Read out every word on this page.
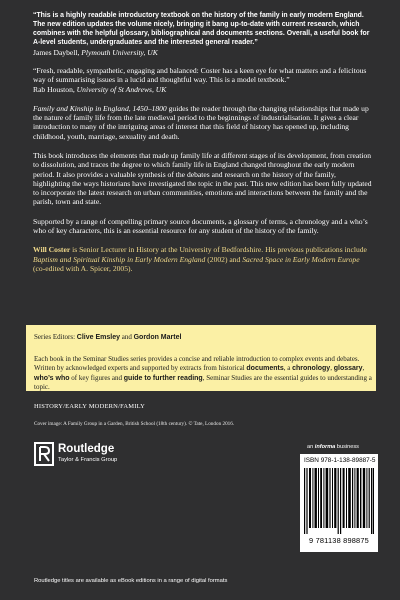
“This is a highly readable introductory textbook on the history of the family in early modern England. The new edition updates the volume nicely, bringing it bang up-to-date with current research, which combines with the helpful glossary, bibliographical and documents sections. Overall, a useful book for A-level students, undergraduates and the interested general reader.”

James Daybell, Plymouth University, UK

“Fresh, readable, sympathetic, engaging and balanced: Coster has a keen eye for what matters and a felicitous way of summarising issues in a lucid and thoughtful way. This is a model textbook.”

Rab Houston, University of St Andrews, UK

Family and Kinship in England, 1450–1800 guides the reader through the changing relationships that made up the nature of family life from the late medieval period to the beginnings of industrialisation. It gives a clear introduction to many of the intriguing areas of interest that this field of history has opened up, including childhood, youth, marriage, sexuality and death.

This book introduces the elements that made up family life at different stages of its development, from creation to dissolution, and traces the degree to which family life in England changed throughout the early modern period. It also provides a valuable synthesis of the debates and research on the history of the family, highlighting the ways historians have investigated the topic in the past. This new edition has been fully updated to incorporate the latest research on urban communities, emotions and interactions between the family and the parish, town and state.

Supported by a range of compelling primary source documents, a glossary of terms, a chronology and a who’s who of key characters, this is an essential resource for any student of the history of the family.

Will Coster is Senior Lecturer in History at the University of Bedfordshire. His previous publications include Baptism and Spiritual Kinship in Early Modern England (2002) and Sacred Space in Early Modern Europe (co-edited with A. Spicer, 2005).

Series Editors: Clive Emsley and Gordon Martel
Each book in the Seminar Studies series provides a concise and reliable introduction to complex events and debates. Written by acknowledged experts and supported by extracts from historical documents, a chronology, glossary, who’s who of key figures and guide to further reading, Seminar Studies are the essential guides to understanding a topic.
HISTORY/EARLY MODERN/FAMILY
Cover image: A Family Group in a Garden, British School (18th century). © Tate, London 2016.
Routledge
Taylor & Francis Group
an informa business
ISBN 978-1-138-89887-5
9 781138 898875
Routledge titles are available as eBook editions in a range of digital formats
